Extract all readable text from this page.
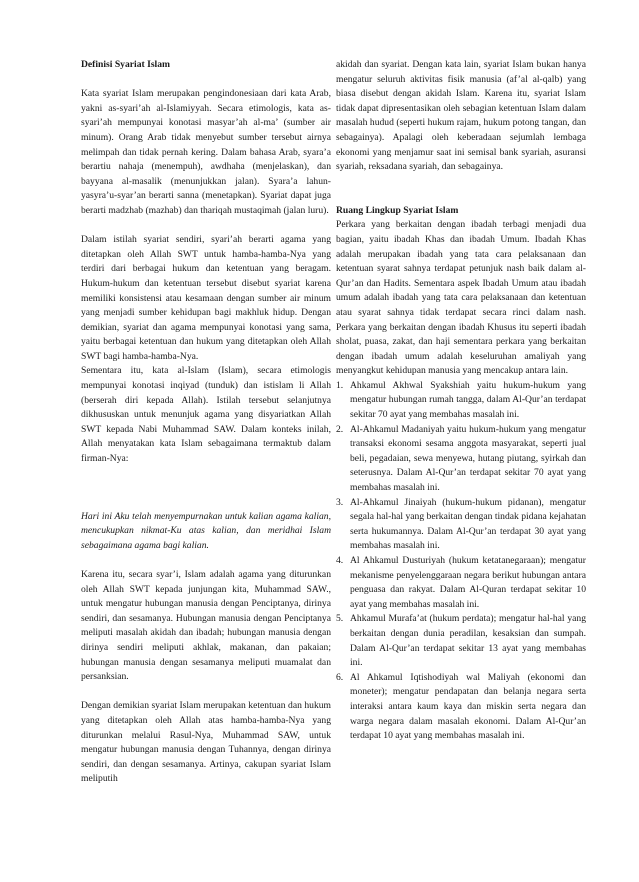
Definisi Syariat Islam

Kata syariat Islam merupakan pengindonesiaan dari kata Arab, yakni as-syari’ah al-Islamiyyah. Secara etimologis, kata as-syari’ah mempunyai konotasi masyar’ah al-ma’ (sumber air minum). Orang Arab tidak menyebut sumber tersebut airnya melimpah dan tidak pernah kering. Dalam bahasa Arab, syara’a berartiu nahaja (menempuh), awdhaha (menjelaskan), dan bayyana al-masalik (menunjukkan jalan). Syara’a lahun-yasyra’u-syar’an berarti sanna (menetapkan). Syariat dapat juga berarti madzhab (mazhab) dan thariqah mustaqimah (jalan luru).

Dalam istilah syariat sendiri, syari’ah berarti agama yang ditetapkan oleh Allah SWT untuk hamba-hamba-Nya yang terdiri dari berbagai hukum dan ketentuan yang beragam. Hukum-hukum dan ketentuan tersebut disebut syariat karena memiliki konsistensi atau kesamaan dengan sumber air minum yang menjadi sumber kehidupan bagi makhluk hidup. Dengan demikian, syariat dan agama mempunyai konotasi yang sama, yaitu berbagai ketentuan dan hukum yang ditetapkan oleh Allah SWT bagi hamba-hamba-Nya.

Sementara itu, kata al-Islam (Islam), secara etimologis mempunyai konotasi inqiyad (tunduk) dan istislam li Allah (berserah diri kepada Allah). Istilah tersebut selanjutnya dikhususkan untuk menunjuk agama yang disyariatkan Allah SWT kepada Nabi Muhammad SAW. Dalam konteks inilah, Allah menyatakan kata Islam sebagaimana termaktub dalam firman-Nya:

Hari ini Aku telah menyempurnakan untuk kalian agama kalian, mencukupkan nikmat-Ku atas kalian, dan meridhai Islam sebagaimana agama bagi kalian.

Karena itu, secara syar’i, Islam adalah agama yang diturunkan oleh Allah SWT kepada junjungan kita, Muhammad SAW., untuk mengatur hubungan manusia dengan Penciptanya, dirinya sendiri, dan sesamanya. Hubungan manusia dengan Penciptanya meliputi masalah akidah dan ibadah; hubungan manusia dengan dirinya sendiri meliputi akhlak, makanan, dan pakaian; hubungan manusia dengan sesamanya meliputi muamalat dan persanksian.

Dengan demikian syariat Islam merupakan ketentuan dan hukum yang ditetapkan oleh Allah atas hamba-hamba-Nya yang diturunkan melalui Rasul-Nya, Muhammad SAW, untuk mengatur hubungan manusia dengan Tuhannya, dengan dirinya sendiri, dan dengan sesamanya. Artinya, cakupan syariat Islam meliputih

akidah dan syariat. Dengan kata lain, syariat Islam bukan hanya mengatur seluruh aktivitas fisik manusia (af’al al-qalb) yang biasa disebut dengan akidah Islam. Karena itu, syariat Islam tidak dapat dipresentasikan oleh sebagian ketentuan Islam dalam masalah hudud (seperti hukum rajam, hukum potong tangan, dan sebagainya). Apalagi oleh keberadaan sejumlah lembaga ekonomi yang menjamur saat ini semisal bank syariah, asuransi syariah, reksadana syariah, dan sebagainya.

Ruang Lingkup Syariat Islam

Perkara yang berkaitan dengan ibadah terbagi menjadi dua bagian, yaitu ibadah Khas dan ibadah Umum. Ibadah Khas adalah merupakan ibadah yang tata cara pelaksanaan dan ketentuan syarat sahnya terdapat petunjuk nash baik dalam al-Qur’an dan Hadits. Sementara aspek Ibadah Umum atau ibadah umum adalah ibadah yang tata cara pelaksanaan dan ketentuan atau syarat sahnya tidak terdapat secara rinci dalam nash. Perkara yang berkaitan dengan ibadah Khusus itu seperti ibadah sholat, puasa, zakat, dan haji sementara perkara yang berkaitan dengan ibadah umum adalah keseluruhan amaliyah yang menyangkut kehidupan manusia yang mencakup antara lain.

1. Ahkamul Akhwal Syakshiah yaitu hukum-hukum yang mengatur hubungan rumah tangga, dalam Al-Qur’an terdapat sekitar 70 ayat yang membahas masalah ini.
2. Al-Ahkamul Madaniyah yaitu hukum-hukum yang mengatur transaksi ekonomi sesama anggota masyarakat, seperti jual beli, pegadaian, sewa menyewa, hutang piutang, syirkah dan seterusnya. Dalam Al-Qur’an terdapat sekitar 70 ayat yang membahas masalah ini.
3. Al-Ahkamul Jinaiyah (hukum-hukum pidanan), mengatur segala hal-hal yang berkaitan dengan tindak pidana kejahatan serta hukumannya. Dalam Al-Qur’an terdapat 30 ayat yang membahas masalah ini.
4. Al Ahkamul Dusturiyah (hukum ketatanegaraan); mengatur mekanisme penyelenggaraan negara berikut hubungan antara penguasa dan rakyat. Dalam Al-Quran terdapat sekitar 10 ayat yang membahas masalah ini.
5. Ahkamul Murafa’at (hukum perdata); mengatur hal-hal yang berkaitan dengan dunia peradilan, kesaksian dan sumpah. Dalam Al-Qur’an terdapat sekitar 13 ayat yang membahas ini.
6. Al Ahkamul Iqtishodiyah wal Maliyah (ekonomi dan moneter); mengatur pendapatan dan belanja negara serta interaksi antara kaum kaya dan miskin serta negara dan warga negara dalam masalah ekonomi. Dalam Al-Qur’an terdapat 10 ayat yang membahas masalah ini.
